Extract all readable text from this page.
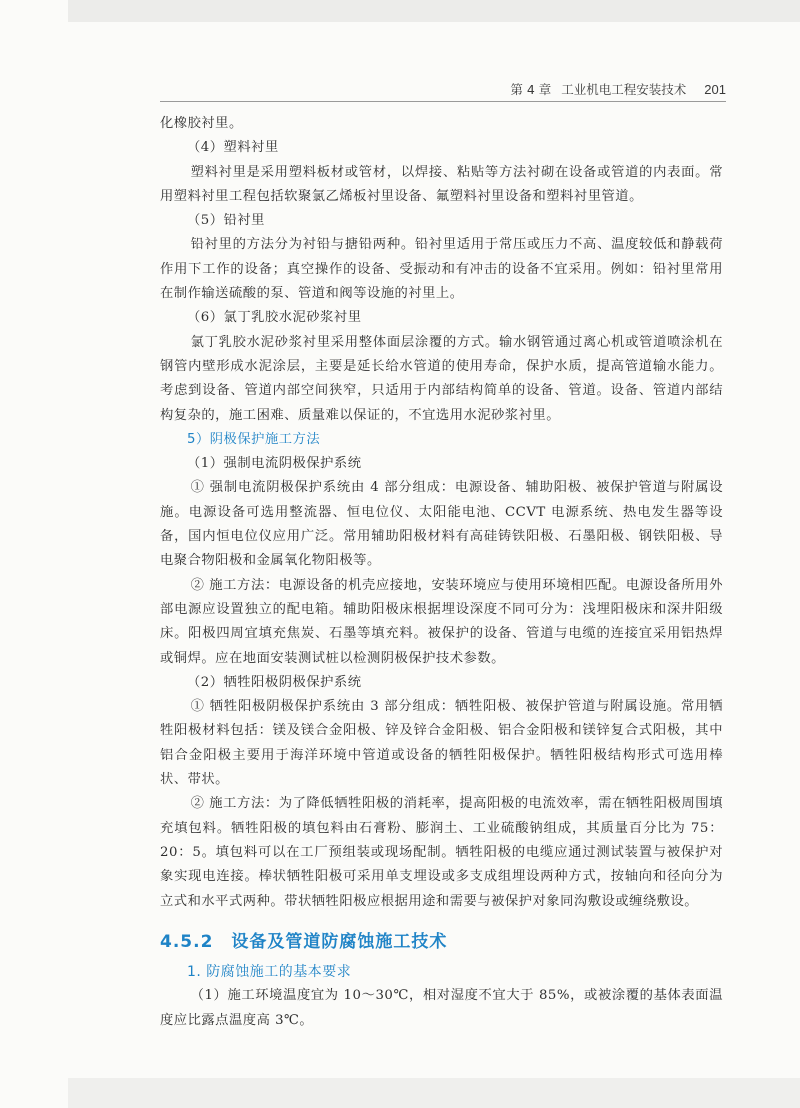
第 4 章 工业机电工程安装技术 201

化橡胶衬里。

（4）塑料衬里

塑料衬里是采用塑料板材或管材，以焊接、粘贴等方法衬砌在设备或管道的内表面。常用塑料衬里工程包括软聚氯乙烯板衬里设备、氟塑料衬里设备和塑料衬里管道。

（5）铅衬里

铅衬里的方法分为衬铅与搪铅两种。铅衬里适用于常压或压力不高、温度较低和静载荷作用下工作的设备；真空操作的设备、受振动和有冲击的设备不宜采用。例如：铅衬里常用在制作输送硫酸的泵、管道和阀等设施的衬里上。

（6）氯丁乳胶水泥砂浆衬里

氯丁乳胶水泥砂浆衬里采用整体面层涂覆的方式。输水钢管通过离心机或管道喷涂机在钢管内壁形成水泥涂层，主要是延长给水管道的使用寿命，保护水质，提高管道输水能力。考虑到设备、管道内部空间狭窄，只适用于内部结构简单的设备、管道。设备、管道内部结构复杂的，施工困难、质量难以保证的，不宜选用水泥砂浆衬里。

5）阴极保护施工方法

（1）强制电流阴极保护系统

① 强制电流阴极保护系统由 4 部分组成：电源设备、辅助阳极、被保护管道与附属设施。电源设备可选用整流器、恒电位仪、太阳能电池、CCVT 电源系统、热电发生器等设备，国内恒电位仪应用广泛。常用辅助阳极材料有高硅铸铁阳极、石墨阳极、钢铁阳极、导电聚合物阳极和金属氧化物阳极等。

② 施工方法：电源设备的机壳应接地，安装环境应与使用环境相匹配。电源设备所用外部电源应设置独立的配电箱。辅助阳极床根据埋设深度不同可分为：浅埋阳极床和深井阳级床。阳极四周宜填充焦炭、石墨等填充料。被保护的设备、管道与电缆的连接宜采用铝热焊或铜焊。应在地面安装测试桩以检测阴极保护技术参数。

（2）牺牲阳极阴极保护系统

① 牺牲阳极阴极保护系统由 3 部分组成：牺牲阳极、被保护管道与附属设施。常用牺牲阳极材料包括：镁及镁合金阳极、锌及锌合金阳极、铝合金阳极和镁锌复合式阳极，其中铝合金阳极主要用于海洋环境中管道或设备的牺牲阳极保护。牺牲阳极结构形式可选用棒状、带状。

② 施工方法：为了降低牺牲阳极的消耗率，提高阳极的电流效率，需在牺牲阳极周围填充填包料。牺牲阳极的填包料由石膏粉、膨润土、工业硫酸钠组成，其质量百分比为 75：20：5。填包料可以在工厂预组装或现场配制。牺牲阳极的电缆应通过测试装置与被保护对象实现电连接。棒状牺牲阳极可采用单支埋设或多支成组埋设两种方式，按轴向和径向分为立式和水平式两种。带状牺牲阳极应根据用途和需要与被保护对象同沟敷设或缠绕敷设。

4.5.2 设备及管道防腐蚀施工技术

1. 防腐蚀施工的基本要求

（1）施工环境温度宜为 10～30℃，相对湿度不宜大于 85%，或被涂覆的基体表面温度应比露点温度高 3℃。
